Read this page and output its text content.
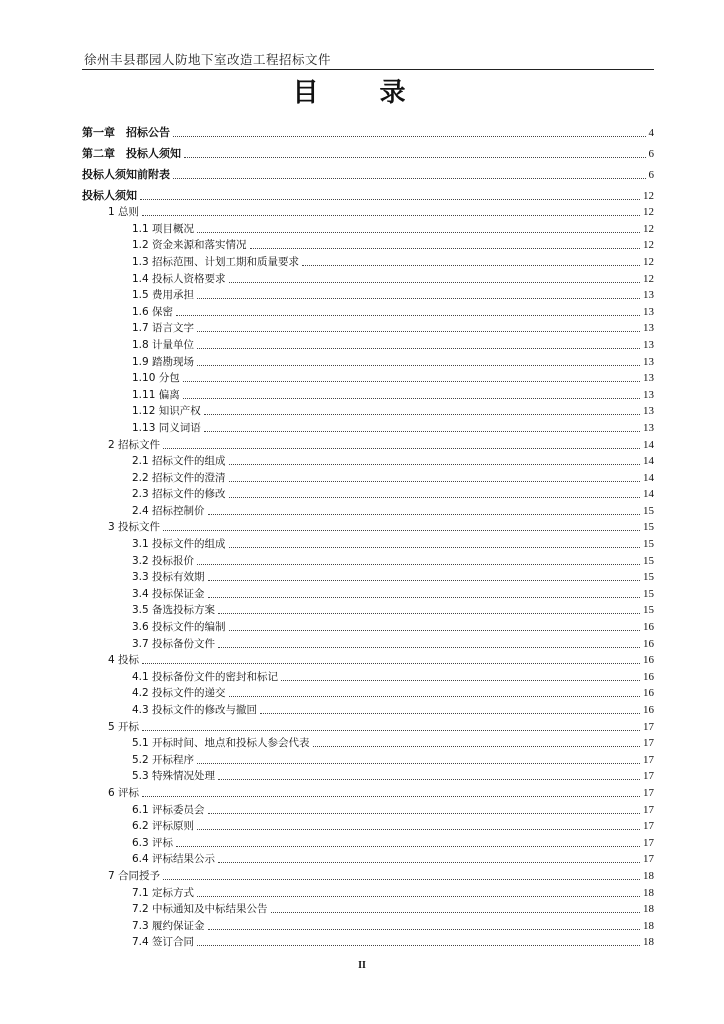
徐州丰县郡园人防地下室改造工程招标文件
目 录
第一章　招标公告	4
第二章　投标人须知	6
投标人须知前附表	6
投标人须知	12
1 总则	12
1.1 项目概况	12
1.2 资金来源和落实情况	12
1.3 招标范围、计划工期和质量要求	12
1.4 投标人资格要求	12
1.5 费用承担	13
1.6 保密	13
1.7 语言文字	13
1.8 计量单位	13
1.9 踏勘现场	13
1.10 分包	13
1.11 偏离	13
1.12 知识产权	13
1.13 同义词语	13
2 招标文件	14
2.1 招标文件的组成	14
2.2 招标文件的澄清	14
2.3 招标文件的修改	14
2.4 招标控制价	15
3 投标文件	15
3.1 投标文件的组成	15
3.2 投标报价	15
3.3 投标有效期	15
3.4 投标保证金	15
3.5 备选投标方案	15
3.6 投标文件的编制	16
3.7 投标备份文件	16
4 投标	16
4.1 投标备份文件的密封和标记	16
4.2 投标文件的递交	16
4.3 投标文件的修改与撤回	16
5 开标	17
5.1 开标时间、地点和投标人参会代表	17
5.2 开标程序	17
5.3 特殊情况处理	17
6 评标	17
6.1 评标委员会	17
6.2 评标原则	17
6.3 评标	17
6.4 评标结果公示	17
7 合同授予	18
7.1 定标方式	18
7.2 中标通知及中标结果公告	18
7.3 履约保证金	18
7.4 签订合同	18
II
